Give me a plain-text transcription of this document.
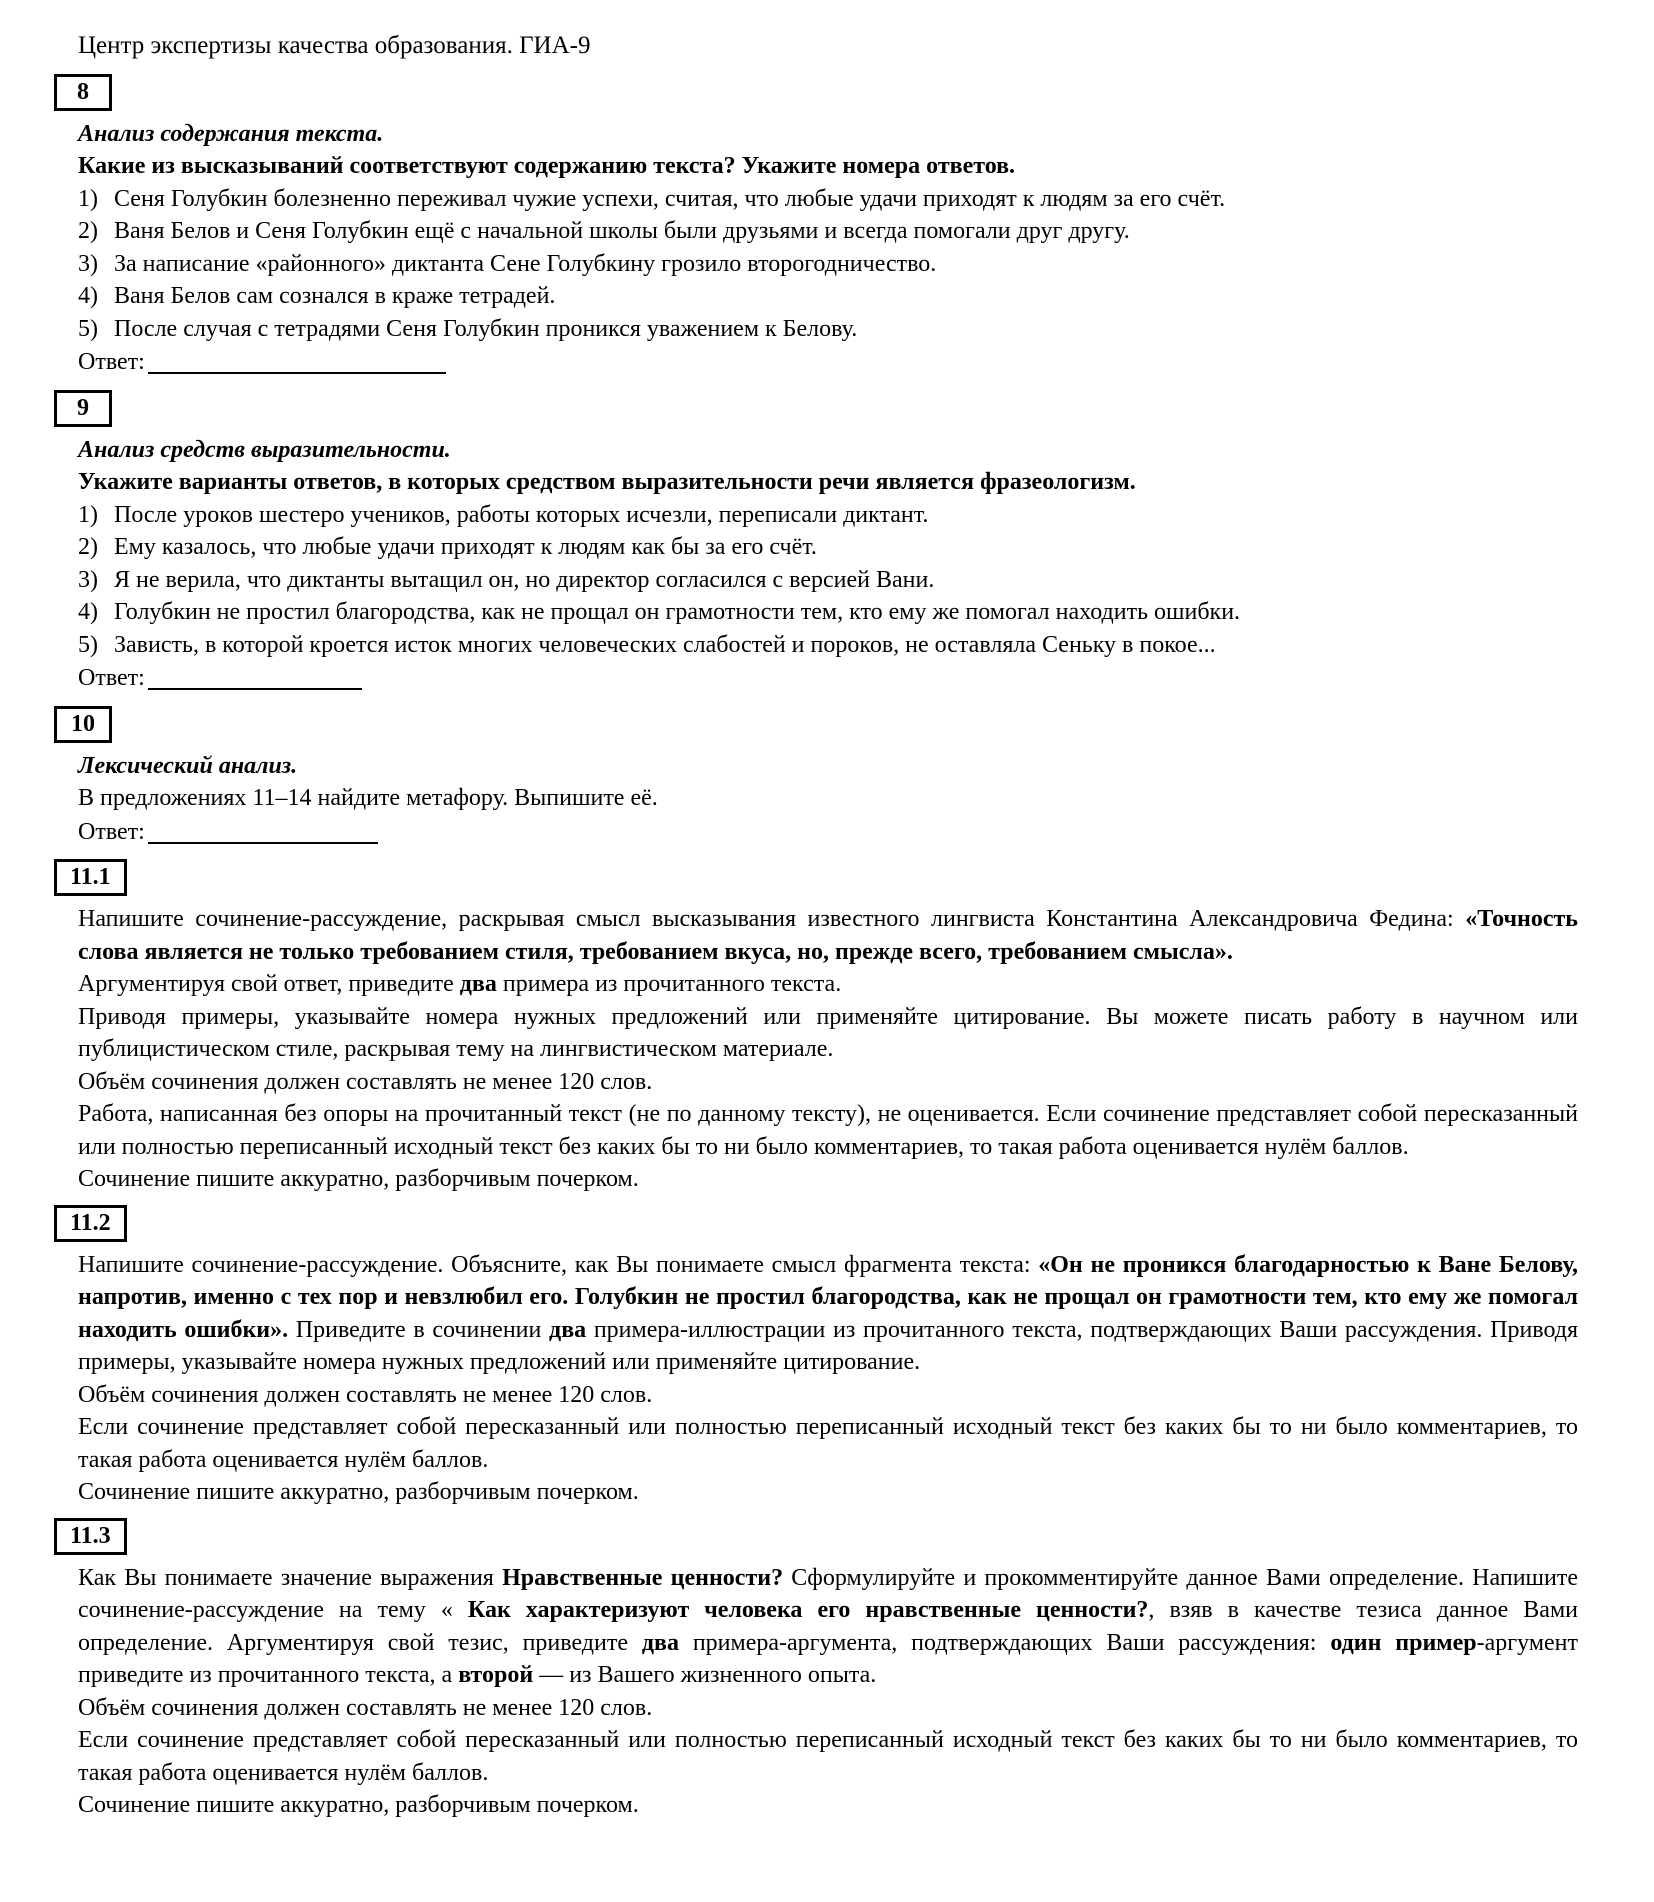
Центр экспертизы качества образования. ГИА-9
8
Анализ содержания текста.
Какие из высказываний соответствуют содержанию текста? Укажите номера ответов.
1) Сеня Голубкин болезненно переживал чужие успехи, считая, что любые удачи приходят к людям за его счёт.
2) Ваня Белов и Сеня Голубкин ещё с начальной школы были друзьями и всегда помогали друг другу.
3) За написание «районного» диктанта Сене Голубкину грозило второгодничество.
4) Ваня Белов сам сознался в краже тетрадей.
5) После случая с тетрадями Сеня Голубкин проникся уважением к Белову.
Ответ:
9
Анализ средств выразительности.
Укажите варианты ответов, в которых средством выразительности речи является фразеологизм.
1) После уроков шестеро учеников, работы которых исчезли, переписали диктант.
2) Ему казалось, что любые удачи приходят к людям как бы за его счёт.
3) Я не верила, что диктанты вытащил он, но директор согласился с версией Вани.
4) Голубкин не простил благородства, как не прощал он грамотности тем, кто ему же помогал находить ошибки.
5) Зависть, в которой кроется исток многих человеческих слабостей и пороков, не оставляла Сеньку в покое...
Ответ:
10
Лексический анализ.
В предложениях 11–14 найдите метафору. Выпишите её.
Ответ:
11.1

Напишите сочинение-рассуждение, раскрывая смысл высказывания известного лингвиста Константина Александровича Федина: «Точность слова является не только требованием стиля, требованием вкуса, но, прежде всего, требованием смысла».

Аргументируя свой ответ, приведите два примера из прочитанного текста.

Приводя примеры, указывайте номера нужных предложений или применяйте цитирование. Вы можете писать работу в научном или публицистическом стиле, раскрывая тему на лингвистическом материале.

Объём сочинения должен составлять не менее 120 слов.

Работа, написанная без опоры на прочитанный текст (не по данному тексту), не оценивается. Если сочинение представляет собой пересказанный или полностью переписанный исходный текст без каких бы то ни было комментариев, то такая работа оценивается нулём баллов.

Сочинение пишите аккуратно, разборчивым почерком.

11.2

Напишите сочинение-рассуждение. Объясните, как Вы понимаете смысл фрагмента текста: «Он не проникся благодарностью к Ване Белову, напротив, именно с тех пор и невзлюбил его. Голубкин не простил благородства, как не прощал он грамотности тем, кто ему же помогал находить ошибки». Приведите в сочинении два примера-иллюстрации из прочитанного текста, подтверждающих Ваши рассуждения. Приводя примеры, указывайте номера нужных предложений или применяйте цитирование.

Объём сочинения должен составлять не менее 120 слов.

Если сочинение представляет собой пересказанный или полностью переписанный исходный текст без каких бы то ни было комментариев, то такая работа оценивается нулём баллов.

Сочинение пишите аккуратно, разборчивым почерком.

11.3

Как Вы понимаете значение выражения Нравственные ценности? Сформулируйте и прокомментируйте данное Вами определение. Напишите сочинение-рассуждение на тему « Как характеризуют человека его нравственные ценности?, взяв в качестве тезиса данное Вами определение. Аргументируя свой тезис, приведите два примера-аргумента, подтверждающих Ваши рассуждения: один пример-аргумент приведите из прочитанного текста, а второй — из Вашего жизненного опыта.

Объём сочинения должен составлять не менее 120 слов.

Если сочинение представляет собой пересказанный или полностью переписанный исходный текст без каких бы то ни было комментариев, то такая работа оценивается нулём баллов.

Сочинение пишите аккуратно, разборчивым почерком.
